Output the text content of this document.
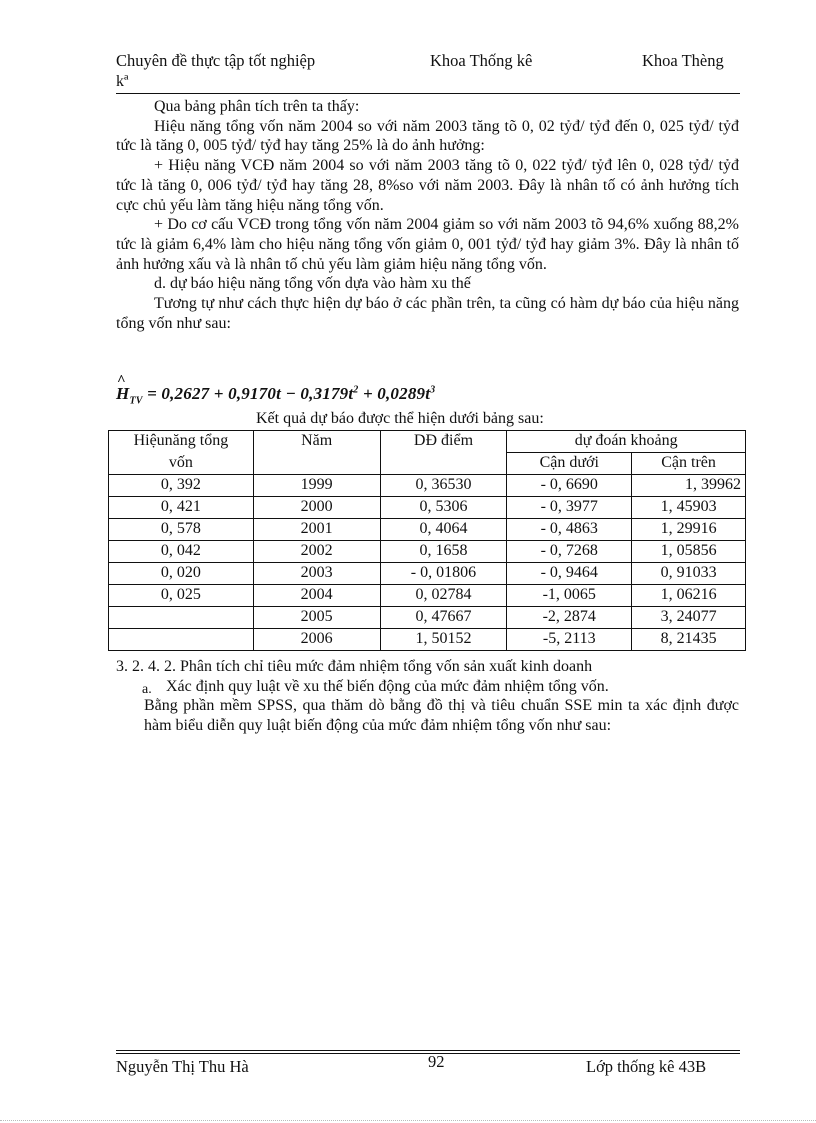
Chuyên đề thực tập tốt nghiệp	Khoa Thống kê	Khoa Thèng
kª

Qua bảng phân tích trên ta thấy:

Hiệu năng tổng vốn năm 2004 so với năm 2003 tăng tõ 0, 02 tỷđ/ tỷđ đến 0, 025 tỷđ/ tỷđ tức là tăng 0, 005 tỷđ/ tỷđ hay tăng 25% là do ảnh hưởng:

+ Hiệu năng VCĐ năm 2004 so với năm 2003 tăng tõ 0, 022 tỷđ/ tỷđ lên 0, 028 tỷđ/ tỷđ tức là tăng 0, 006 tỷđ/ tỷđ hay tăng 28, 8%so với năm 2003. Đây là nhân tố có ảnh hưởng tích cực chủ yếu làm tăng hiệu năng tổng vốn.

+ Do cơ cấu VCĐ trong tổng vốn năm 2004 giảm so với năm 2003 tõ 94,6% xuống 88,2% tức là giảm 6,4% làm cho hiệu năng tổng vốn giảm 0, 001 tỷđ/ tỷđ hay giảm 3%. Đây là nhân tố ảnh hưởng xấu và là nhân tố chủ yếu làm giảm hiệu năng tổng vốn.

d. dự báo hiệu năng tổng vốn dựa vào hàm xu thế

Tương tự như cách thực hiện dự báo ở các phần trên, ta cũng có hàm dự báo của hiệu năng tổng vốn như sau:

^ $H_{TV} = 0,2627 + 0,9170t - 0,3179t^2 + 0,0289t^3$
Kết quả dự báo được thể hiện dưới bảng sau:
Hiệunăng tổng	Năm	DĐ điểm	dự đoán khoảng	
vốn			Cận dưới	Cận trên
0, 392	1999	0, 36530	- 0, 6690	1, 39962
0, 421	2000	0, 5306	- 0, 3977	1, 45903
0, 578	2001	0, 4064	- 0, 4863	1, 29916
0, 042	2002	0, 1658	- 0, 7268	1, 05856
0, 020	2003	- 0, 01806	- 0, 9464	0, 91033
0, 025	2004	0, 02784	-1, 0065	1, 06216
	2005	0, 47667	-2, 2874	3, 24077
	2006	1, 50152	-5, 2113	8, 21435
3. 2. 4. 2. Phân tích chỉ tiêu mức đảm nhiệm tổng vốn sản xuất kinh doanh
a. Xác định quy luật về xu thế biến động của mức đảm nhiệm tổng vốn.
Bằng phần mềm SPSS, qua thăm dò bằng đồ thị và tiêu chuẩn SSE min ta xác định được hàm biểu diễn quy luật biến động của mức đảm nhiệm tổng vốn như sau:
Nguyễn Thị Thu Hà	92	Lớp thống kê 43B
